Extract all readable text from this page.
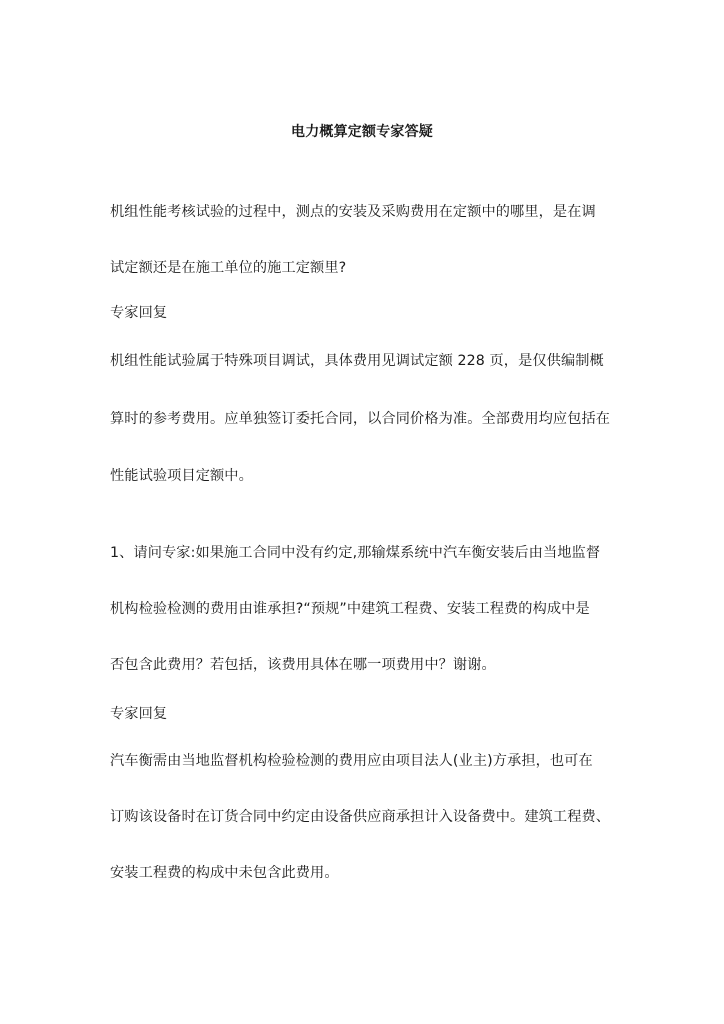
电力概算定额专家答疑
机组性能考核试验的过程中，测点的安装及采购费用在定额中的哪里，是在调
试定额还是在施工单位的施工定额里?
专家回复
机组性能试验属于特殊项目调试，具体费用见调试定额 228 页，是仅供编制概
算时的参考费用。应单独签订委托合同，以合同价格为准。全部费用均应包括在
性能试验项目定额中。
1、请问专家:如果施工合同中没有约定,那输煤系统中汽车衡安装后由当地监督
机构检验检测的费用由谁承担?“预规”中建筑工程费、安装工程费的构成中是
否包含此费用？若包括，该费用具体在哪一项费用中？谢谢。
专家回复
汽车衡需由当地监督机构检验检测的费用应由项目法人(业主)方承担，也可在
订购该设备时在订货合同中约定由设备供应商承担计入设备费中。建筑工程费、
安装工程费的构成中未包含此费用。
